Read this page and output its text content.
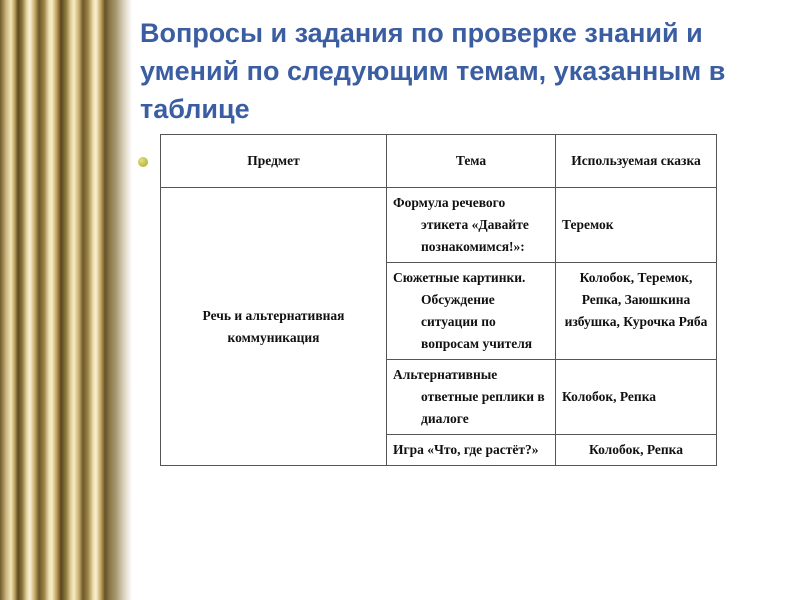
Вопросы и задания по проверке знаний и умений по следующим темам, указанным в таблице
Предмет	Тема	Используемая сказка

Речь и альтернативная
коммуникация	Формула речевого этикета «Давайте познакомимся!»:	Теремок
	Сюжетные картинки. Обсуждение ситуации по вопросам учителя	Колобок, Теремок, Репка, Заюшкина избушка, Курочка Ряба
	Альтернативные ответные реплики в диалоге	Колобок, Репка
	Игра «Что, где растёт?»	Колобок, Репка
